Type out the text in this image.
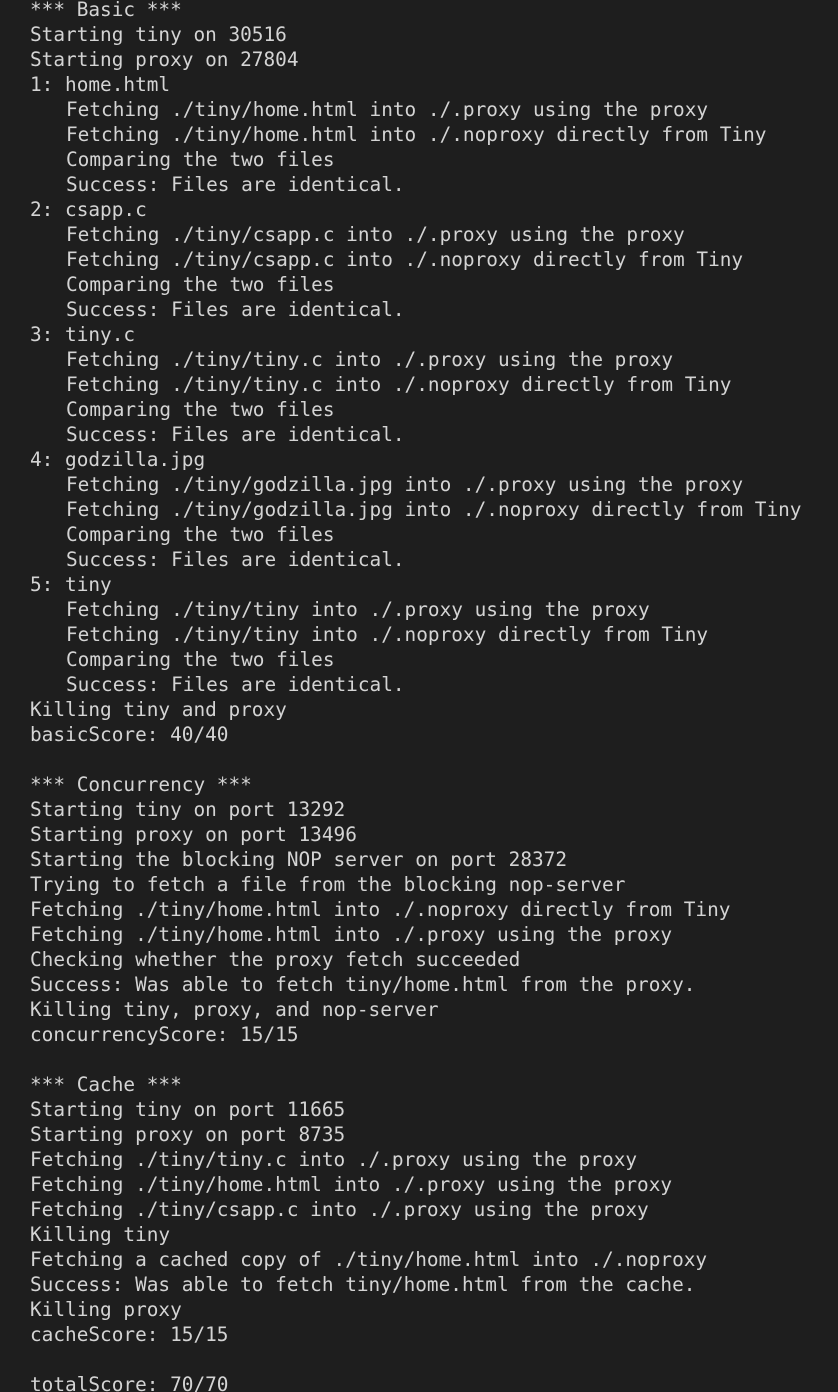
*** Basic ***
Starting tiny on 30516
Starting proxy on 27804
1: home.html
Fetching ./tiny/home.html into ./.proxy using the proxy
Fetching ./tiny/home.html into ./.noproxy directly from Tiny
Comparing the two files
Success: Files are identical.
2: csapp.c
Fetching ./tiny/csapp.c into ./.proxy using the proxy
Fetching ./tiny/csapp.c into ./.noproxy directly from Tiny
Comparing the two files
Success: Files are identical.
3: tiny.c
Fetching ./tiny/tiny.c into ./.proxy using the proxy
Fetching ./tiny/tiny.c into ./.noproxy directly from Tiny
Comparing the two files
Success: Files are identical.
4: godzilla.jpg
Fetching ./tiny/godzilla.jpg into ./.proxy using the proxy
Fetching ./tiny/godzilla.jpg into ./.noproxy directly from Tiny
Comparing the two files
Success: Files are identical.
5: tiny
Fetching ./tiny/tiny into ./.proxy using the proxy
Fetching ./tiny/tiny into ./.noproxy directly from Tiny
Comparing the two files
Success: Files are identical.
Killing tiny and proxy
basicScore: 40/40
*** Concurrency ***
Starting tiny on port 13292
Starting proxy on port 13496
Starting the blocking NOP server on port 28372
Trying to fetch a file from the blocking nop-server
Fetching ./tiny/home.html into ./.noproxy directly from Tiny
Fetching ./tiny/home.html into ./.proxy using the proxy
Checking whether the proxy fetch succeeded
Success: Was able to fetch tiny/home.html from the proxy.
Killing tiny, proxy, and nop-server
concurrencyScore: 15/15
*** Cache ***
Starting tiny on port 11665
Starting proxy on port 8735
Fetching ./tiny/tiny.c into ./.proxy using the proxy
Fetching ./tiny/home.html into ./.proxy using the proxy
Fetching ./tiny/csapp.c into ./.proxy using the proxy
Killing tiny
Fetching a cached copy of ./tiny/home.html into ./.noproxy
Success: Was able to fetch tiny/home.html from the cache.
Killing proxy
cacheScore: 15/15
totalScore: 70/70
